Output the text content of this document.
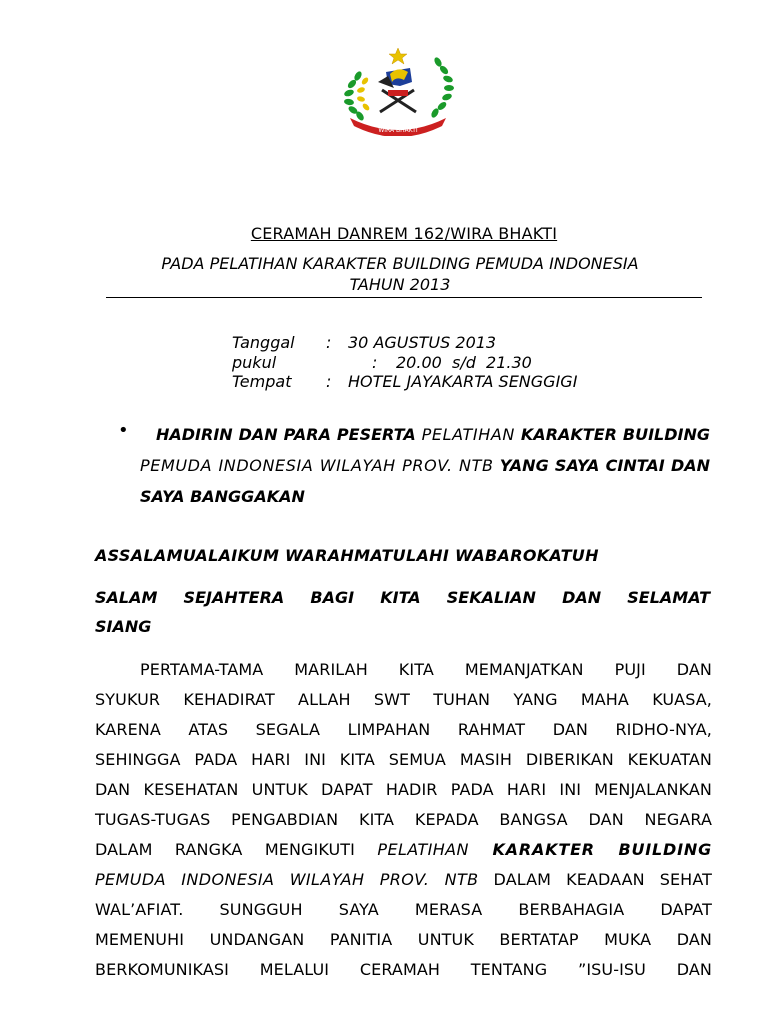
WIRA BHAKTI
CERAMAH DANREM 162/WIRA BHAKTI
PADA PELATIHAN KARAKTER BUILDING PEMUDA INDONESIA
TAHUN 2013
Tanggal : 30 AGUSTUS 2013
pukul	: 20.00  s/d  21.30
Tempat : HOTEL JAYAKARTA SENGGIGI
•	HADIRIN DAN PARA PESERTA PELATIHAN KARAKTER BUILDING PEMUDA INDONESIA WILAYAH PROV. NTB YANG SAYA CINTAI DAN SAYA BANGGAKAN
ASSALAMUALAIKUM WARAHMATULAHI WABAROKATUH
SALAM SEJAHTERA BAGI KITA SEKALIAN DAN SELAMAT SIANG
PERTAMA-TAMA MARILAH KITA MEMANJATKAN PUJI DAN
SYUKUR KEHADIRAT ALLAH SWT TUHAN YANG MAHA KUASA,
KARENA ATAS SEGALA LIMPAHAN RAHMAT DAN RIDHO-NYA,
SEHINGGA PADA HARI INI KITA SEMUA MASIH DIBERIKAN KEKUATAN
DAN KESEHATAN UNTUK DAPAT HADIR PADA HARI INI MENJALANKAN
TUGAS-TUGAS PENGABDIAN KITA KEPADA BANGSA DAN NEGARA
DALAM RANGKA MENGIKUTI PELATIHAN KARAKTER BUILDING
PEMUDA INDONESIA WILAYAH PROV. NTB DALAM KEADAAN SEHAT
WAL’AFIAT. SUNGGUH SAYA MERASA BERBAHAGIA DAPAT
MEMENUHI UNDANGAN PANITIA UNTUK BERTATAP MUKA DAN
BERKOMUNIKASI MELALUI CERAMAH TENTANG ”ISU-ISU DAN
